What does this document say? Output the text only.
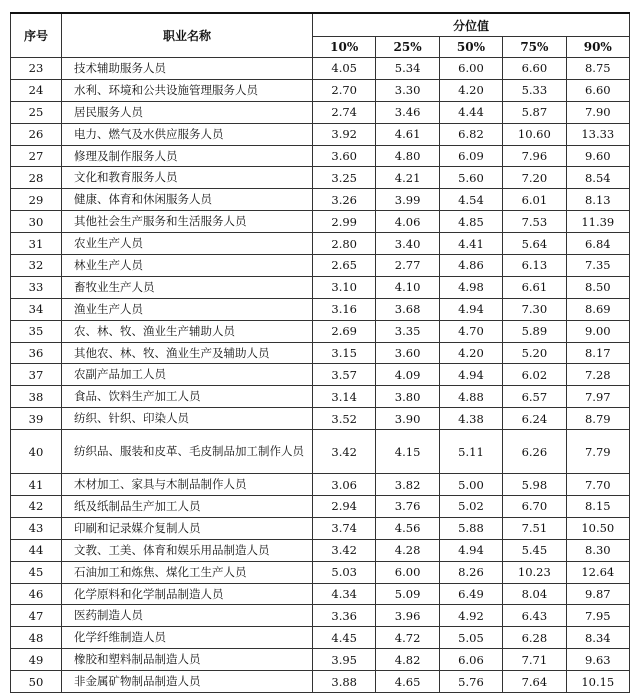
序号	职业名称	分位值				
		10%	25%	50%	75%	90%
23	技术辅助服务人员	4.05	5.34	6.00	6.60	8.75
24	水利、环境和公共设施管理服务人员	2.70	3.30	4.20	5.33	6.60
25	居民服务人员	2.74	3.46	4.44	5.87	7.90
26	电力、燃气及水供应服务人员	3.92	4.61	6.82	10.60	13.33
27	修理及制作服务人员	3.60	4.80	6.09	7.96	9.60
28	文化和教育服务人员	3.25	4.21	5.60	7.20	8.54
29	健康、体育和休闲服务人员	3.26	3.99	4.54	6.01	8.13
30	其他社会生产服务和生活服务人员	2.99	4.06	4.85	7.53	11.39
31	农业生产人员	2.80	3.40	4.41	5.64	6.84
32	林业生产人员	2.65	2.77	4.86	6.13	7.35
33	畜牧业生产人员	3.10	4.10	4.98	6.61	8.50
34	渔业生产人员	3.16	3.68	4.94	7.30	8.69
35	农、林、牧、渔业生产辅助人员	2.69	3.35	4.70	5.89	9.00
36	其他农、林、牧、渔业生产及辅助人员	3.15	3.60	4.20	5.20	8.17
37	农副产品加工人员	3.57	4.09	4.94	6.02	7.28
38	食品、饮料生产加工人员	3.14	3.80	4.88	6.57	7.97
39	纺织、针织、印染人员	3.52	3.90	4.38	6.24	8.79
40	纺织品、服装和皮革、毛皮制品加工制作人员	3.42	4.15	5.11	6.26	7.79
41	木材加工、家具与木制品制作人员	3.06	3.82	5.00	5.98	7.70
42	纸及纸制品生产加工人员	2.94	3.76	5.02	6.70	8.15
43	印刷和记录媒介复制人员	3.74	4.56	5.88	7.51	10.50
44	文教、工美、体育和娱乐用品制造人员	3.42	4.28	4.94	5.45	8.30
45	石油加工和炼焦、煤化工生产人员	5.03	6.00	8.26	10.23	12.64
46	化学原料和化学制品制造人员	4.34	5.09	6.49	8.04	9.87
47	医药制造人员	3.36	3.96	4.92	6.43	7.95
48	化学纤维制造人员	4.45	4.72	5.05	6.28	8.34
49	橡胶和塑料制品制造人员	3.95	4.82	6.06	7.71	9.63
50	非金属矿物制品制造人员	3.88	4.65	5.76	7.64	10.15
